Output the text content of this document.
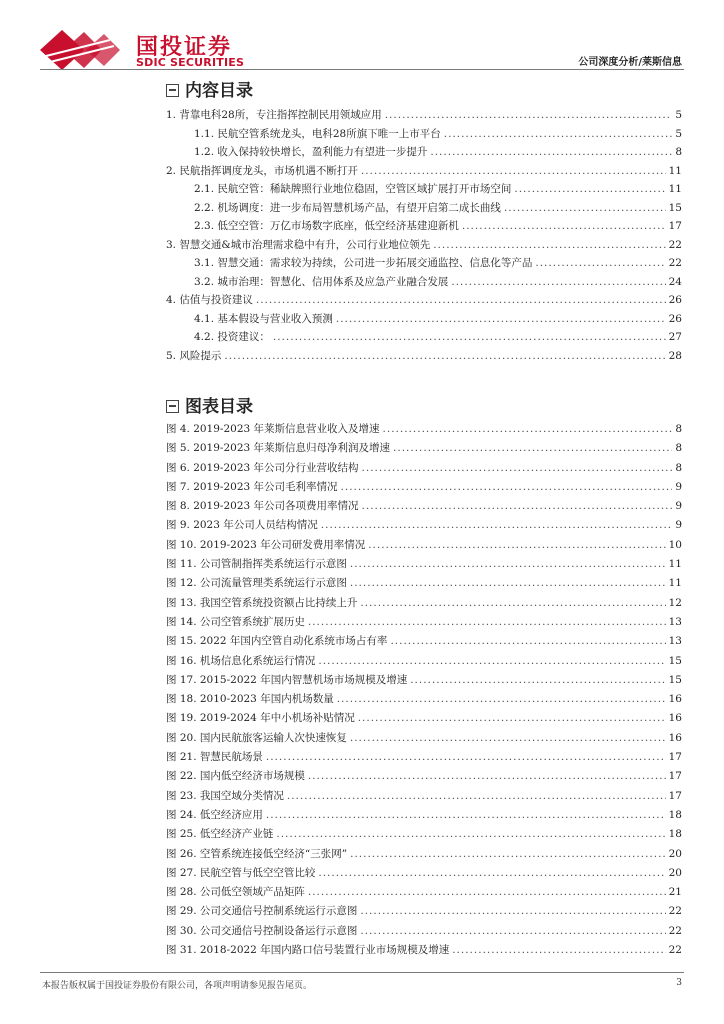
国投证券
SDIC SECURITIES	公司深度分析/莱斯信息
内容目录
1. 背靠电科28所，专注指挥控制民用领域应用 .....	5
1.1. 民航空管系统龙头，电科28所旗下唯一上市平台 .....	5
1.2. 收入保持较快增长，盈利能力有望进一步提升 .....	8
2. 民航指挥调度龙头，市场机遇不断打开 .....	11
2.1. 民航空管：稀缺牌照行业地位稳固，空管区域扩展打开市场空间 .....	11
2.2. 机场调度：进一步布局智慧机场产品，有望开启第二成长曲线 .....	15
2.3. 低空空管：万亿市场数字底座，低空经济基建迎新机 .....	17
3. 智慧交通&城市治理需求稳中有升，公司行业地位领先 .....	22
3.1. 智慧交通：需求较为持续，公司进一步拓展交通监控、信息化等产品 .....	22
3.2. 城市治理：智慧化、信用体系及应急产业融合发展 .....	24
4. 估值与投资建议 .....	26
4.1. 基本假设与营业收入预测 .....	26
4.2. 投资建议： .....	27
5. 风险提示 .....	28
图表目录
图 4. 2019-2023 年莱斯信息营业收入及增速 .....	8
图 5. 2019-2023 年莱斯信息归母净利润及增速 .....	8
图 6. 2019-2023 年公司分行业营收结构 .....	8
图 7. 2019-2023 年公司毛利率情况 .....	9
图 8. 2019-2023 年公司各项费用率情况 .....	9
图 9. 2023 年公司人员结构情况 .....	9
图 10. 2019-2023 年公司研发费用率情况 .....	10
图 11. 公司管制指挥类系统运行示意图 .....	11
图 12. 公司流量管理类系统运行示意图 .....	11
图 13. 我国空管系统投资额占比持续上升 .....	12
图 14. 公司空管系统扩展历史 .....	13
图 15. 2022 年国内空管自动化系统市场占有率 .....	13
图 16. 机场信息化系统运行情况 .....	15
图 17. 2015-2022 年国内智慧机场市场规模及增速 .....	15
图 18. 2010-2023 年国内机场数量 .....	16
图 19. 2019-2024 年中小机场补贴情况 .....	16
图 20. 国内民航旅客运输人次快速恢复 .....	16
图 21. 智慧民航场景 .....	17
图 22. 国内低空经济市场规模 .....	17
图 23. 我国空域分类情况 .....	17
图 24. 低空经济应用 .....	18
图 25. 低空经济产业链 .....	18
图 26. 空管系统连接低空经济“三张网” .....	20
图 27. 民航空管与低空空管比较 .....	20
图 28. 公司低空领域产品矩阵 .....	21
图 29. 公司交通信号控制系统运行示意图 .....	22
图 30. 公司交通信号控制设备运行示意图 .....	22
图 31. 2018-2022 年国内路口信号装置行业市场规模及增速 .....	22
本报告版权属于国投证券股份有限公司，各项声明请参见报告尾页。	3
